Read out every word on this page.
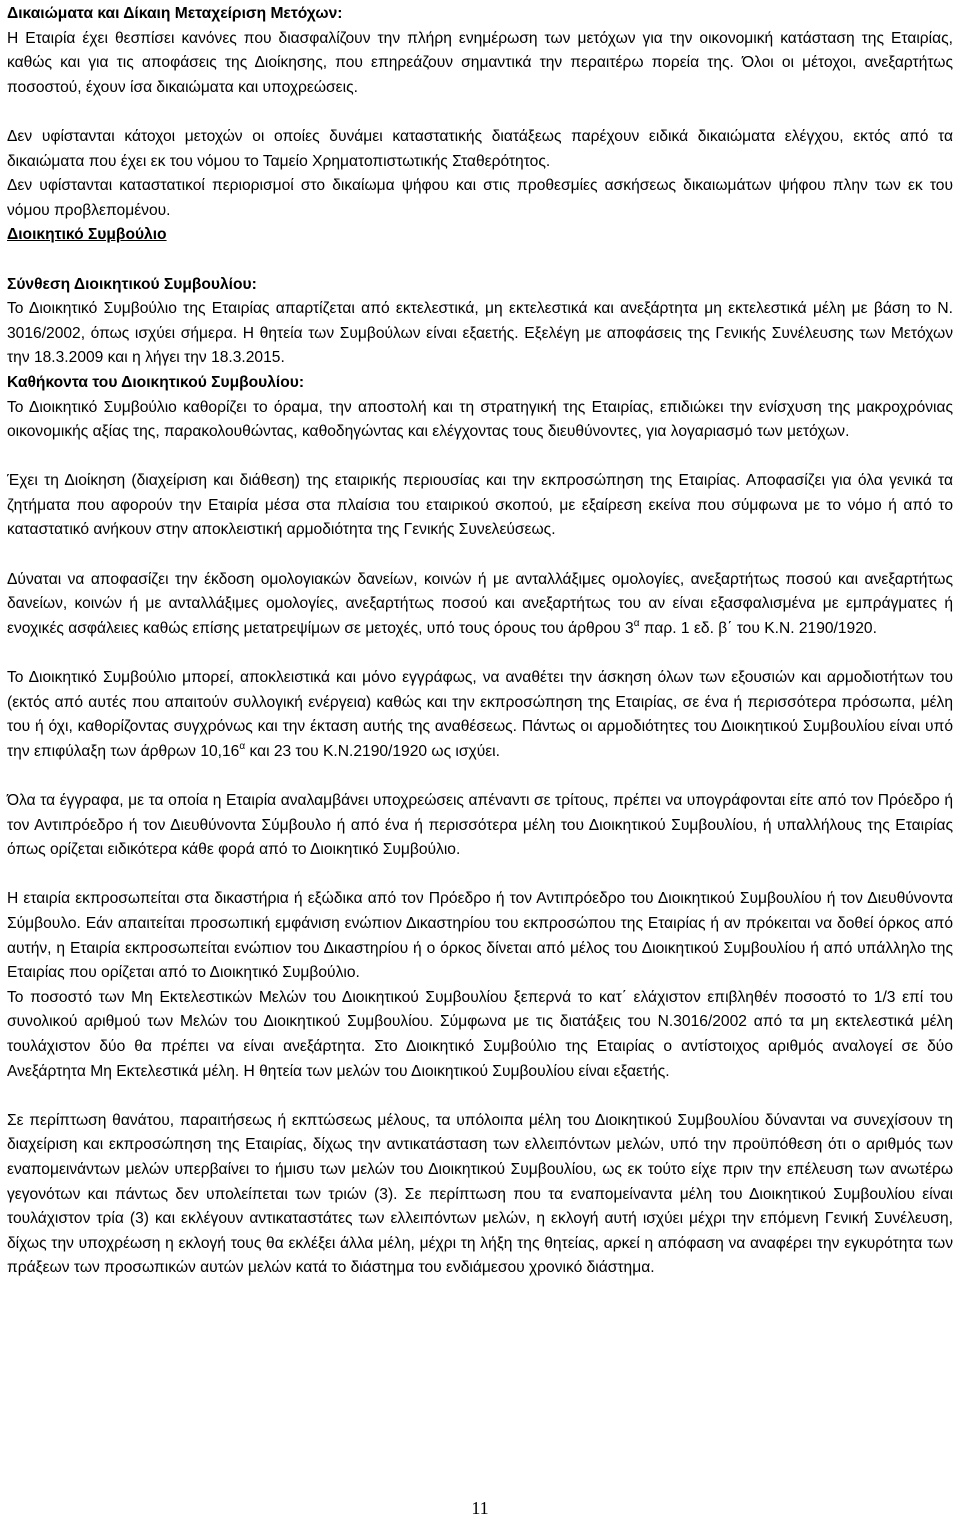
Δικαιώματα και Δίκαιη Μεταχείριση Μετόχων:

Η Εταιρία έχει θεσπίσει κανόνες που διασφαλίζουν την πλήρη ενημέρωση των μετόχων για την οικονομική κατάσταση της Εταιρίας, καθώς και για τις αποφάσεις της Διοίκησης, που επηρεάζουν σημαντικά την περαιτέρω πορεία της. Όλοι οι μέτοχοι, ανεξαρτήτως ποσοστού, έχουν ίσα δικαιώματα και υποχρεώσεις.

Δεν υφίστανται κάτοχοι μετοχών οι οποίες δυνάμει καταστατικής διατάξεως παρέχουν ειδικά δικαιώματα ελέγχου, εκτός από τα δικαιώματα που έχει εκ του νόμου το Ταμείο Χρηματοπιστωτικής Σταθερότητος.

Δεν υφίστανται καταστατικοί περιορισμοί στο δικαίωμα ψήφου και στις προθεσμίες ασκήσεως δικαιωμάτων ψήφου πλην των εκ του νόμου προβλεπομένου.

Διοικητικό Συμβούλιο

Σύνθεση Διοικητικού Συμβουλίου:

Το Διοικητικό Συμβούλιο της Εταιρίας απαρτίζεται από εκτελεστικά, μη εκτελεστικά και ανεξάρτητα μη εκτελεστικά μέλη με βάση το Ν. 3016/2002, όπως ισχύει σήμερα. Η θητεία των Συμβούλων είναι εξαετής. Εξελέγη με αποφάσεις της Γενικής Συνέλευσης των Μετόχων την 18.3.2009 και η λήγει την 18.3.2015.

Καθήκοντα του Διοικητικού Συμβουλίου:

Το Διοικητικό Συμβούλιο καθορίζει το όραμα, την αποστολή και τη στρατηγική της Εταιρίας, επιδιώκει την ενίσχυση της μακροχρόνιας οικονομικής αξίας της, παρακολουθώντας, καθοδηγώντας και ελέγχοντας τους διευθύνοντες, για λογαριασμό των μετόχων.

Έχει τη Διοίκηση (διαχείριση και διάθεση) της εταιρικής περιουσίας και την εκπροσώπηση της Εταιρίας. Αποφασίζει για όλα γενικά τα ζητήματα που αφορούν την Εταιρία μέσα στα πλαίσια του εταιρικού σκοπού, με εξαίρεση εκείνα που σύμφωνα με το νόμο ή από το καταστατικό ανήκουν στην αποκλειστική αρμοδιότητα της Γενικής Συνελεύσεως.

Δύναται να αποφασίζει την έκδοση ομολογιακών δανείων, κοινών ή με ανταλλάξιμες ομολογίες, ανεξαρτήτως ποσού και ανεξαρτήτως δανείων, κοινών ή με ανταλλάξιμες ομολογίες, ανεξαρτήτως ποσού και ανεξαρτήτως του αν είναι εξασφαλισμένα με εμπράγματες ή ενοχικές ασφάλειες καθώς επίσης μετατρεψίμων σε μετοχές, υπό τους όρους του άρθρου $3^\alpha$ παρ. 1 εδ. β΄ του Κ.Ν. 2190/1920.

Το Διοικητικό Συμβούλιο μπορεί, αποκλειστικά και μόνο εγγράφως, να αναθέτει την άσκηση όλων των εξουσιών και αρμοδιοτήτων του (εκτός από αυτές που απαιτούν συλλογική ενέργεια) καθώς και την εκπροσώπηση της Εταιρίας, σε ένα ή περισσότερα πρόσωπα, μέλη του ή όχι, καθορίζοντας συγχρόνως και την έκταση αυτής της αναθέσεως. Πάντως οι αρμοδιότητες του Διοικητικού Συμβουλίου είναι υπό την επιφύλαξη των άρθρων $10,16^\alpha$ και 23 του Κ.Ν.2190/1920 ως ισχύει.

Όλα τα έγγραφα, με τα οποία η Εταιρία αναλαμβάνει υποχρεώσεις απέναντι σε τρίτους, πρέπει να υπογράφονται είτε από τον Πρόεδρο ή τον Αντιπρόεδρο ή τον Διευθύνοντα Σύμβουλο ή από ένα ή περισσότερα μέλη του Διοικητικού Συμβουλίου, ή υπαλλήλους της Εταιρίας όπως ορίζεται ειδικότερα κάθε φορά από το Διοικητικό Συμβούλιο.

Η εταιρία εκπροσωπείται στα δικαστήρια ή εξώδικα από τον Πρόεδρο ή τον Αντιπρόεδρο του Διοικητικού Συμβουλίου ή τον Διευθύνοντα Σύμβουλο. Εάν απαιτείται προσωπική εμφάνιση ενώπιον Δικαστηρίου του εκπροσώπου της Εταιρίας ή αν πρόκειται να δοθεί όρκος από αυτήν, η Εταιρία εκπροσωπείται ενώπιον του Δικαστηρίου ή ο όρκος δίνεται από μέλος του Διοικητικού Συμβουλίου ή από υπάλληλο της Εταιρίας που ορίζεται από το Διοικητικό Συμβούλιο.

Το ποσοστό των Μη Εκτελεστικών Μελών του Διοικητικού Συμβουλίου ξεπερνά το κατ΄ ελάχιστον επιβληθέν ποσοστό το 1/3 επί του συνολικού αριθμού των Μελών του Διοικητικού Συμβουλίου. Σύμφωνα με τις διατάξεις του Ν.3016/2002 από τα μη εκτελεστικά μέλη τουλάχιστον δύο θα πρέπει να είναι ανεξάρτητα. Στο Διοικητικό Συμβούλιο της Εταιρίας ο αντίστοιχος αριθμός αναλογεί σε δύο Ανεξάρτητα Μη Εκτελεστικά μέλη. Η θητεία των μελών του Διοικητικού Συμβουλίου είναι εξαετής.

Σε περίπτωση θανάτου, παραιτήσεως ή εκπτώσεως μέλους, τα υπόλοιπα μέλη του Διοικητικού Συμβουλίου δύνανται να συνεχίσουν τη διαχείριση και εκπροσώπηση της Εταιρίας, δίχως την αντικατάσταση των ελλειπόντων μελών, υπό την προϋπόθεση ότι ο αριθμός των εναπομεινάντων μελών υπερβαίνει το ήμισυ των μελών του Διοικητικού Συμβουλίου, ως εκ τούτο είχε πριν την επέλευση των ανωτέρω γεγονότων και πάντως δεν υπολείπεται των τριών (3). Σε περίπτωση που τα εναπομείναντα μέλη του Διοικητικού Συμβουλίου είναι τουλάχιστον τρία (3) και εκλέγουν αντικαταστάτες των ελλειπόντων μελών, η εκλογή αυτή ισχύει μέχρι την επόμενη Γενική Συνέλευση, δίχως την υποχρέωση η εκλογή τους θα εκλέξει άλλα μέλη, μέχρι τη λήξη της θητείας, αρκεί η απόφαση να αναφέρει την εγκυρότητα των πράξεων των προσωπικών αυτών μελών κατά το διάστημα του ενδιάμεσου χρονικό διάστημα.

11
